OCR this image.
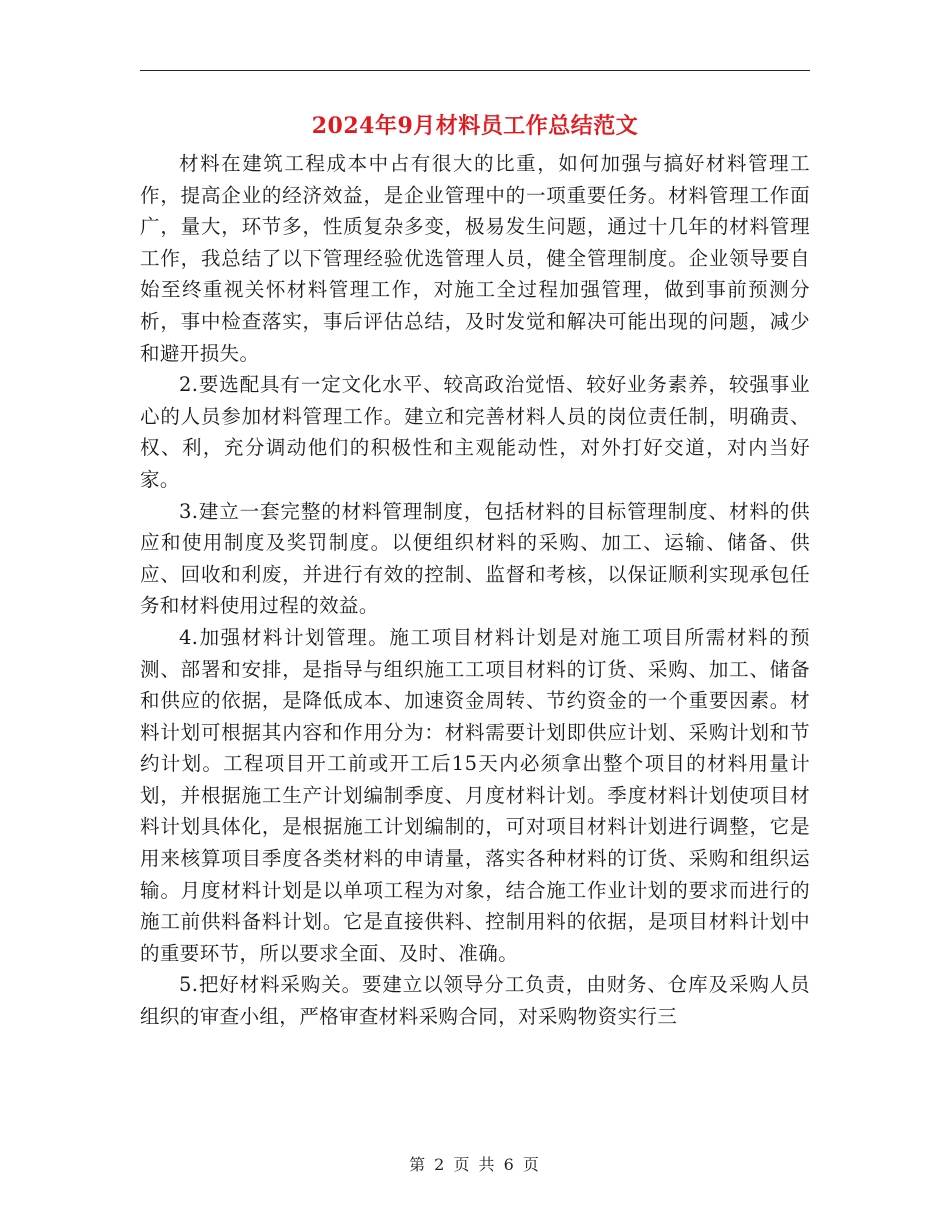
2024年9月材料员工作总结范文

材料在建筑工程成本中占有很大的比重，如何加强与搞好材料管理工作，提高企业的经济效益，是企业管理中的一项重要任务。材料管理工作面广，量大，环节多，性质复杂多变，极易发生问题，通过十几年的材料管理工作，我总结了以下管理经验优选管理人员，健全管理制度。企业领导要自始至终重视关怀材料管理工作，对施工全过程加强管理，做到事前预测分析，事中检查落实，事后评估总结，及时发觉和解决可能出现的问题，减少和避开损失。

2.要选配具有一定文化水平、较高政治觉悟、较好业务素养，较强事业心的人员参加材料管理工作。建立和完善材料人员的岗位责任制，明确责、权、利，充分调动他们的积极性和主观能动性，对外打好交道，对内当好家。

3.建立一套完整的材料管理制度，包括材料的目标管理制度、材料的供应和使用制度及奖罚制度。以便组织材料的采购、加工、运输、储备、供应、回收和利废，并进行有效的控制、监督和考核，以保证顺利实现承包任务和材料使用过程的效益。

4.加强材料计划管理。施工项目材料计划是对施工项目所需材料的预测、部署和安排，是指导与组织施工工项目材料的订货、采购、加工、储备和供应的依据，是降低成本、加速资金周转、节约资金的一个重要因素。材料计划可根据其内容和作用分为：材料需要计划即供应计划、采购计划和节约计划。工程项目开工前或开工后15天内必须拿出整个项目的材料用量计划，并根据施工生产计划编制季度、月度材料计划。季度材料计划使项目材料计划具体化，是根据施工计划编制的，可对项目材料计划进行调整，它是用来核算项目季度各类材料的申请量，落实各种材料的订货、采购和组织运输。月度材料计划是以单项工程为对象，结合施工作业计划的要求而进行的施工前供料备料计划。它是直接供料、控制用料的依据，是项目材料计划中的重要环节，所以要求全面、及时、准确。

5.把好材料采购关。要建立以领导分工负责，由财务、仓库及采购人员组织的审查小组，严格审查材料采购合同，对采购物资实行三

第 2 页 共 6 页
